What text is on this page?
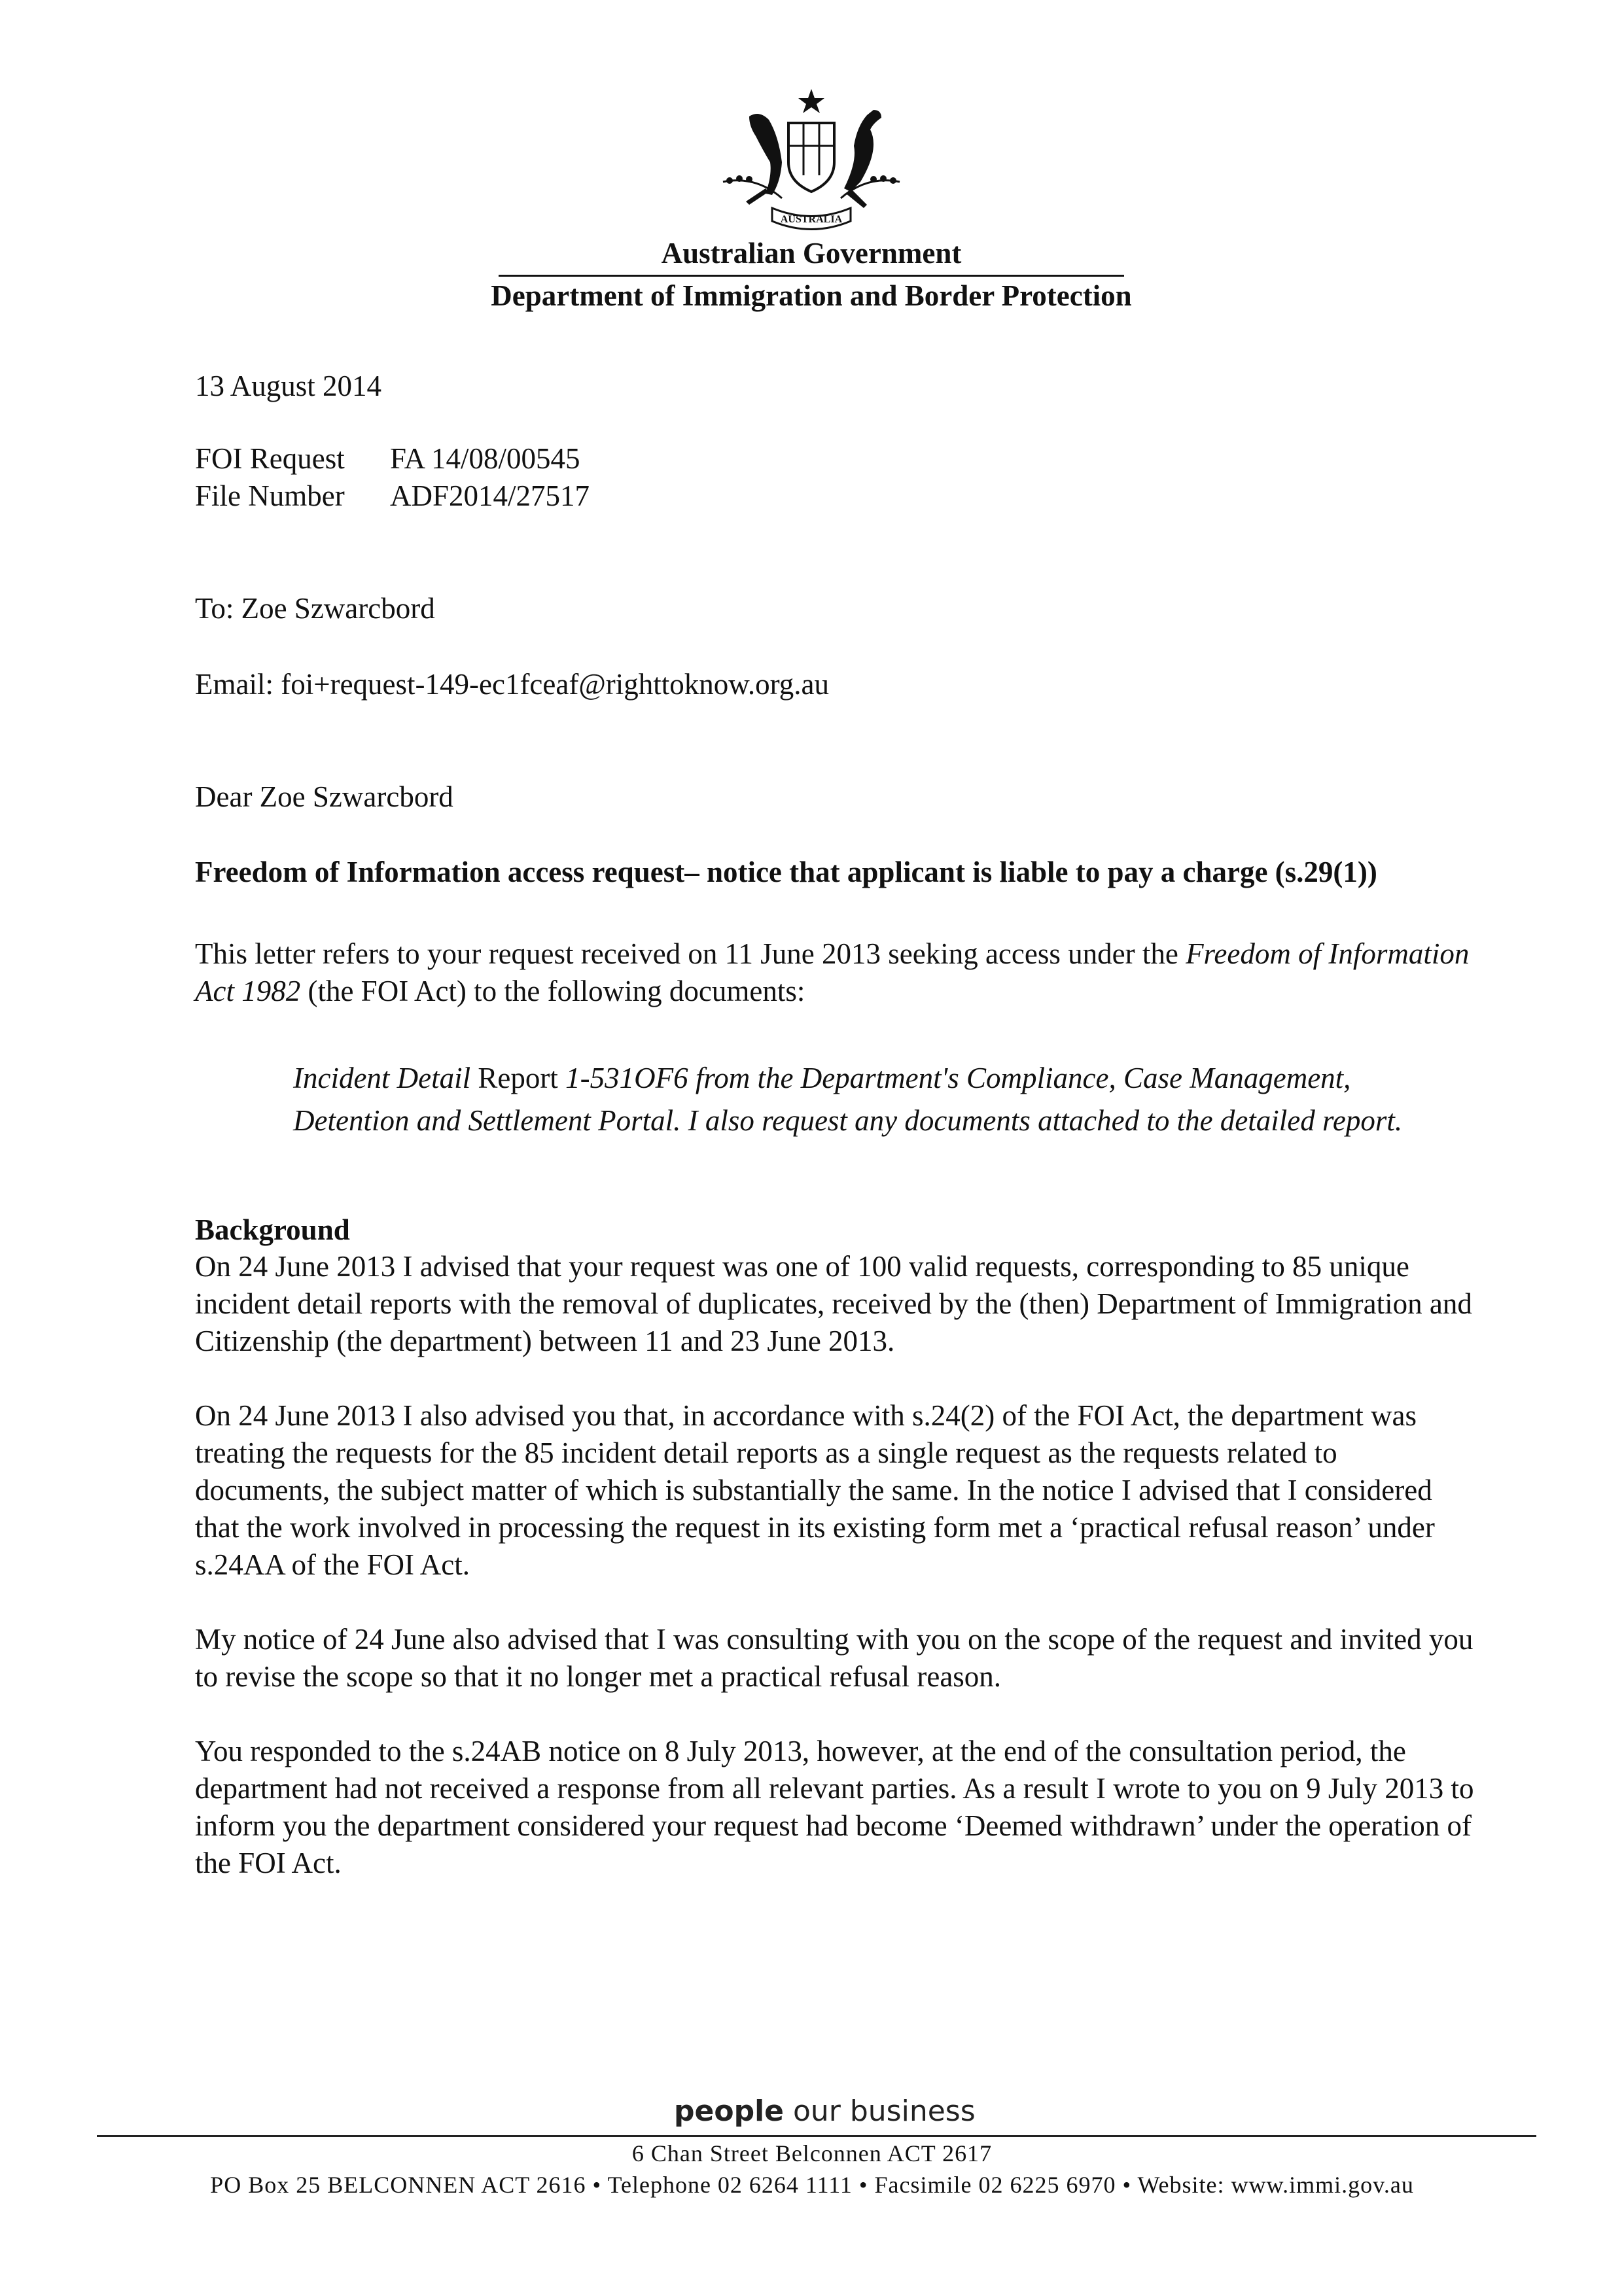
AUSTRALIA
Australian Government
Department of Immigration and Border Protection
13 August 2014
FOI Request FA 14/08/00545
File Number ADF2014/27517
To: Zoe Szwarcbord
Email: foi+request-149-ec1fceaf@righttoknow.org.au
Dear Zoe Szwarcbord
Freedom of Information access request– notice that applicant is liable to pay a charge (s.29(1))
This letter refers to your request received on 11 June 2013 seeking access under the Freedom of Information Act 1982 (the FOI Act) to the following documents:
Incident Detail Report 1-531OF6 from the Department's Compliance, Case Management, Detention and Settlement Portal. I also request any documents attached to the detailed report.
Background
On 24 June 2013 I advised that your request was one of 100 valid requests, corresponding to 85 unique incident detail reports with the removal of duplicates, received by the (then) Department of Immigration and Citizenship (the department) between 11 and 23 June 2013.
On 24 June 2013 I also advised you that, in accordance with s.24(2) of the FOI Act, the department was treating the requests for the 85 incident detail reports as a single request as the requests related to documents, the subject matter of which is substantially the same. In the notice I advised that I considered that the work involved in processing the request in its existing form met a ‘practical refusal reason’ under s.24AA of the FOI Act.
My notice of 24 June also advised that I was consulting with you on the scope of the request and invited you to revise the scope so that it no longer met a practical refusal reason.
You responded to the s.24AB notice on 8 July 2013, however, at the end of the consultation period, the department had not received a response from all relevant parties. As a result I wrote to you on 9 July 2013 to inform you the department considered your request had become ‘Deemed withdrawn’ under the operation of the FOI Act.
people our business
6 Chan Street Belconnen ACT 2617
PO Box 25 BELCONNEN ACT 2616 • Telephone 02 6264 1111 • Facsimile 02 6225 6970 • Website: www.immi.gov.au
